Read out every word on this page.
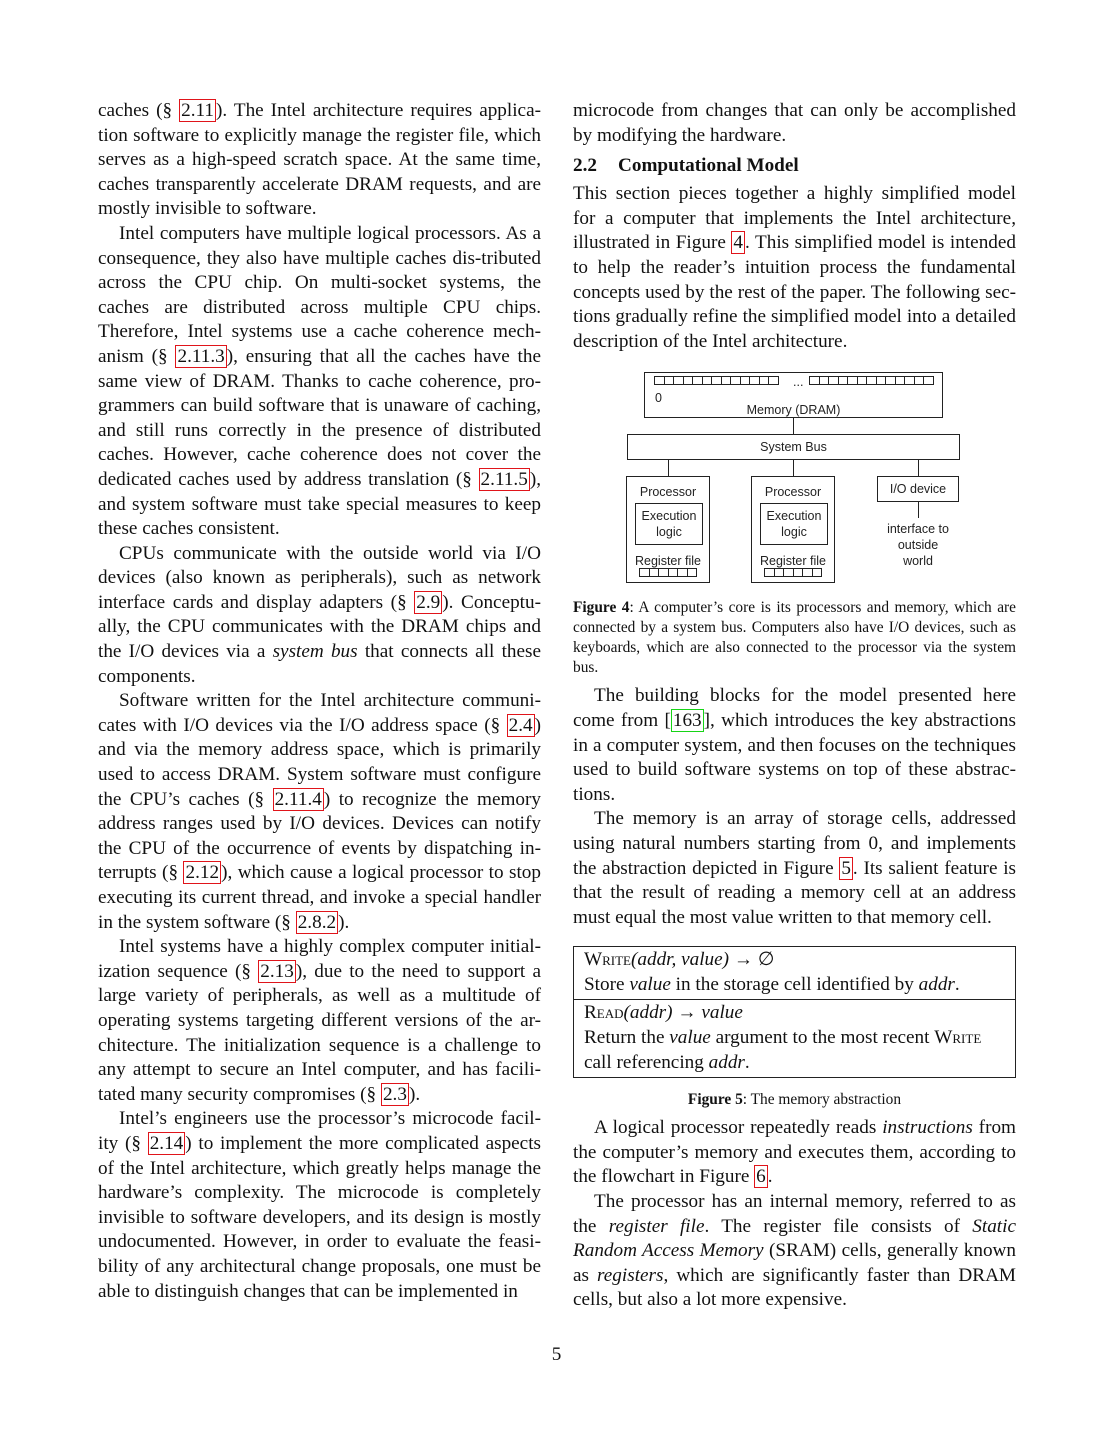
caches (§ 2.11 ). The Intel architecture requires applica-tion software to explicitly manage the register file, which serves as a high-speed scratch space. At the same time, caches transparently accelerate DRAM requests, and are mostly invisible to software.

Intel computers have multiple logical processors. As a consequence, they also have multiple caches dis-tributed across the CPU chip. On multi-socket systems, the caches are distributed across multiple CPU chips. Therefore, Intel systems use a cache coherence mech-anism (§ 2.11.3 ), ensuring that all the caches have the same view of DRAM. Thanks to cache coherence, pro-grammers can build software that is unaware of caching, and still runs correctly in the presence of distributed caches. However, cache coherence does not cover the dedicated caches used by address translation (§ 2.11.5 ), and system software must take special measures to keep these caches consistent.

CPUs communicate with the outside world via I/O devices (also known as peripherals), such as network interface cards and display adapters (§ 2.9 ). Conceptu-ally, the CPU communicates with the DRAM chips and the I/O devices via a system bus that connects all these components.

Software written for the Intel architecture communi-cates with I/O devices via the I/O address space (§ 2.4 ) and via the memory address space, which is primarily used to access DRAM. System software must configure the CPU’s caches (§ 2.11.4 ) to recognize the memory address ranges used by I/O devices. Devices can notify the CPU of the occurrence of events by dispatching in-terrupts (§ 2.12 ), which cause a logical processor to stop executing its current thread, and invoke a special handler in the system software (§ 2.8.2 ).

Intel systems have a highly complex computer initial-ization sequence (§ 2.13 ), due to the need to support a large variety of peripherals, as well as a multitude of operating systems targeting different versions of the ar-chitecture. The initialization sequence is a challenge to any attempt to secure an Intel computer, and has facili-tated many security compromises (§ 2.3 ).

Intel’s engineers use the processor’s microcode facil-ity (§ 2.14 ) to implement the more complicated aspects of the Intel architecture, which greatly helps manage the hardware’s complexity. The microcode is completely invisible to software developers, and its design is mostly undocumented. However, in order to evaluate the feasi-bility of any architectural change proposals, one must be able to distinguish changes that can be implemented in

microcode from changes that can only be accomplished by modifying the hardware.

2.2 Computational Model

This section pieces together a highly simplified model for a computer that implements the Intel architecture, illustrated in Figure 4 . This simplified model is intended to help the reader’s intuition process the fundamental concepts used by the rest of the paper. The following sec-tions gradually refine the simplified model into a detailed description of the Intel architecture.

...
0
Memory (DRAM)
System Bus
Processor
Execution
logic
Register file
Processor
Execution
logic
Register file
I/O device
interface to
outside
world

Figure 4: A computer’s core is its processors and memory, which are connected by a system bus. Computers also have I/O devices, such as keyboards, which are also connected to the processor via the system bus.

The building blocks for the model presented here come from [ 163 ], which introduces the key abstractions in a computer system, and then focuses on the techniques used to build software systems on top of these abstrac-tions.

The memory is an array of storage cells, addressed using natural numbers starting from 0, and implements the abstraction depicted in Figure 5 . Its salient feature is that the result of reading a memory cell at an address must equal the most value written to that memory cell.

Write(addr, value) → ∅
Store value in the storage cell identified by addr.
Read(addr) → value
Return the value argument to the most recent Write call referencing addr.

Figure 5: The memory abstraction

A logical processor repeatedly reads instructions from the computer’s memory and executes them, according to the flowchart in Figure 6 .

The processor has an internal memory, referred to as the register file. The register file consists of Static Random Access Memory (SRAM) cells, generally known as registers, which are significantly faster than DRAM cells, but also a lot more expensive.

5
